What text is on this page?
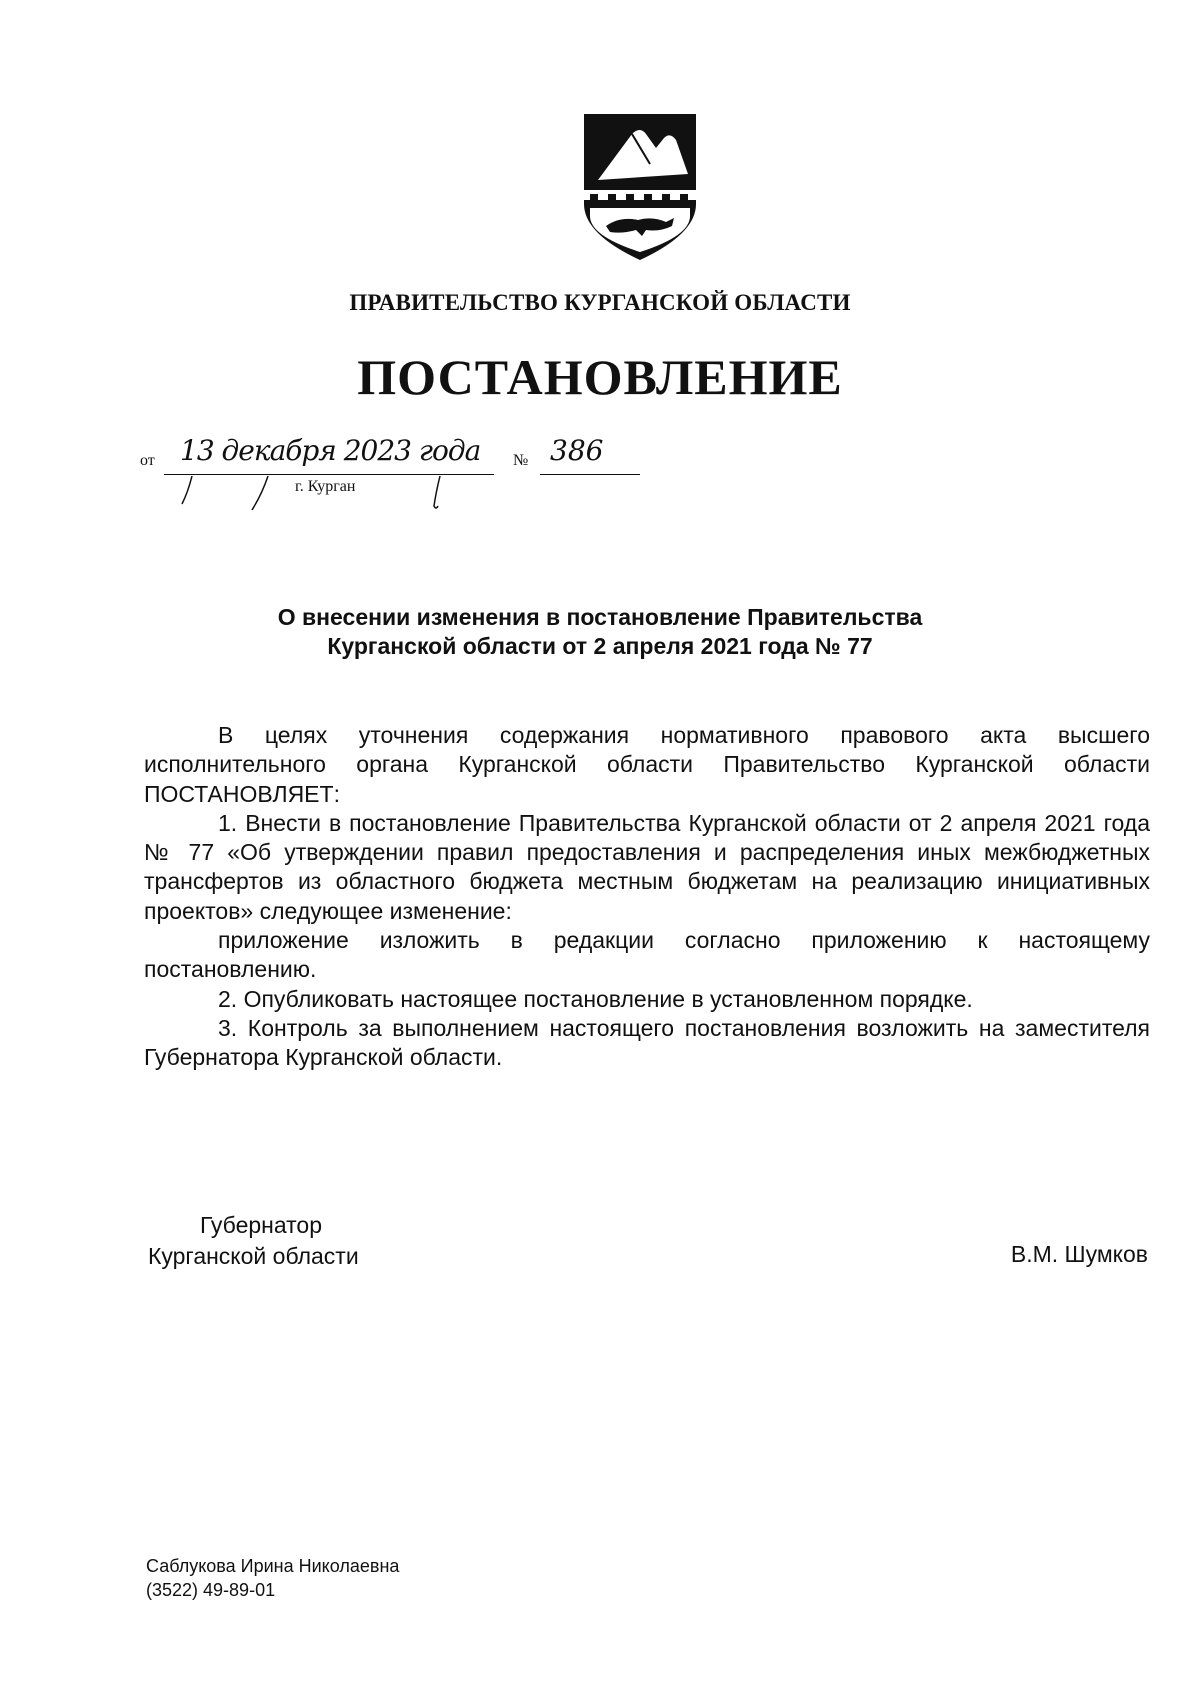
ПРАВИТЕЛЬСТВО КУРГАНСКОЙ ОБЛАСТИ
ПОСТАНОВЛЕНИЕ
от 13 декабря 2023 года № 386
г. Курган
О внесении изменения в постановление Правительства
Курганской области от 2 апреля 2021 года № 77

В целях уточнения содержания нормативного правового акта высшего исполнительного органа Курганской области Правительство Курганской области ПОСТАНОВЛЯЕТ:

1. Внести в постановление Правительства Курганской области от 2 апреля 2021 года № 77 «Об утверждении правил предоставления и распределения иных межбюджетных трансфертов из областного бюджета местным бюджетам на реализацию инициативных проектов» следующее изменение:

приложение изложить в редакции согласно приложению к настоящему постановлению.

2. Опубликовать настоящее постановление в установленном порядке.

3. Контроль за выполнением настоящего постановления возложить на заместителя Губернатора Курганской области.

Губернатор
Курганской области	В.М. Шумков
Саблукова Ирина Николаевна
(3522) 49-89-01
